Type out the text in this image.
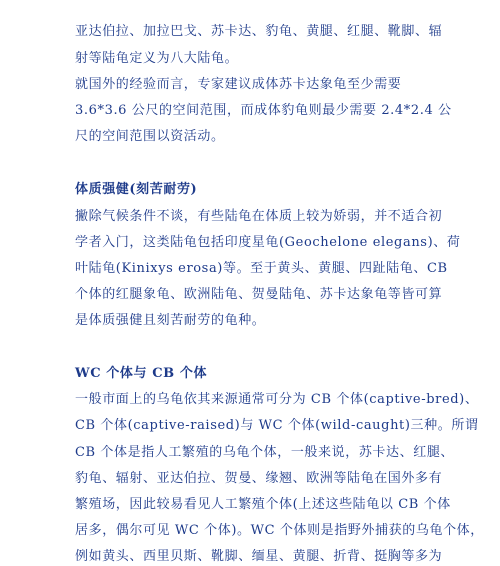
亚达伯拉、加拉巴戈、苏卡达、豹龟、黄腿、红腿、靴脚、辐
射等陆龟定义为八大陆龟。
就国外的经验而言，专家建议成体苏卡达象龟至少需要
3.6*3.6 公尺的空间范围，而成体豹龟则最少需要 2.4*2.4 公
尺的空间范围以资活动。
体质强健(刻苦耐劳)
撇除气候条件不谈，有些陆龟在体质上较为娇弱，并不适合初
学者入门，这类陆龟包括印度星龟(Geochelone elegans)、荷
叶陆龟(Kinixys erosa)等。至于黄头、黄腿、四趾陆龟、CB
个体的红腿象龟、欧洲陆龟、贺曼陆龟、苏卡达象龟等皆可算
是体质强健且刻苦耐劳的龟种。
WC 个体与 CB 个体
一般市面上的乌龟依其来源通常可分为 CB 个体(captive-bred)、
CB 个体(captive-raised)与 WC 个体(wild-caught)三种。所谓
CB 个体是指人工繁殖的乌龟个体，一般来说，苏卡达、红腿、
豹龟、辐射、亚达伯拉、贺曼、缘翘、欧洲等陆龟在国外多有
繁殖场，因此较易看见人工繁殖个体(上述这些陆龟以 CB 个体
居多，偶尔可见 WC 个体)。WC 个体则是指野外捕获的乌龟个体，
例如黄头、西里贝斯、靴脚、缅星、黄腿、折背、挺胸等多为
